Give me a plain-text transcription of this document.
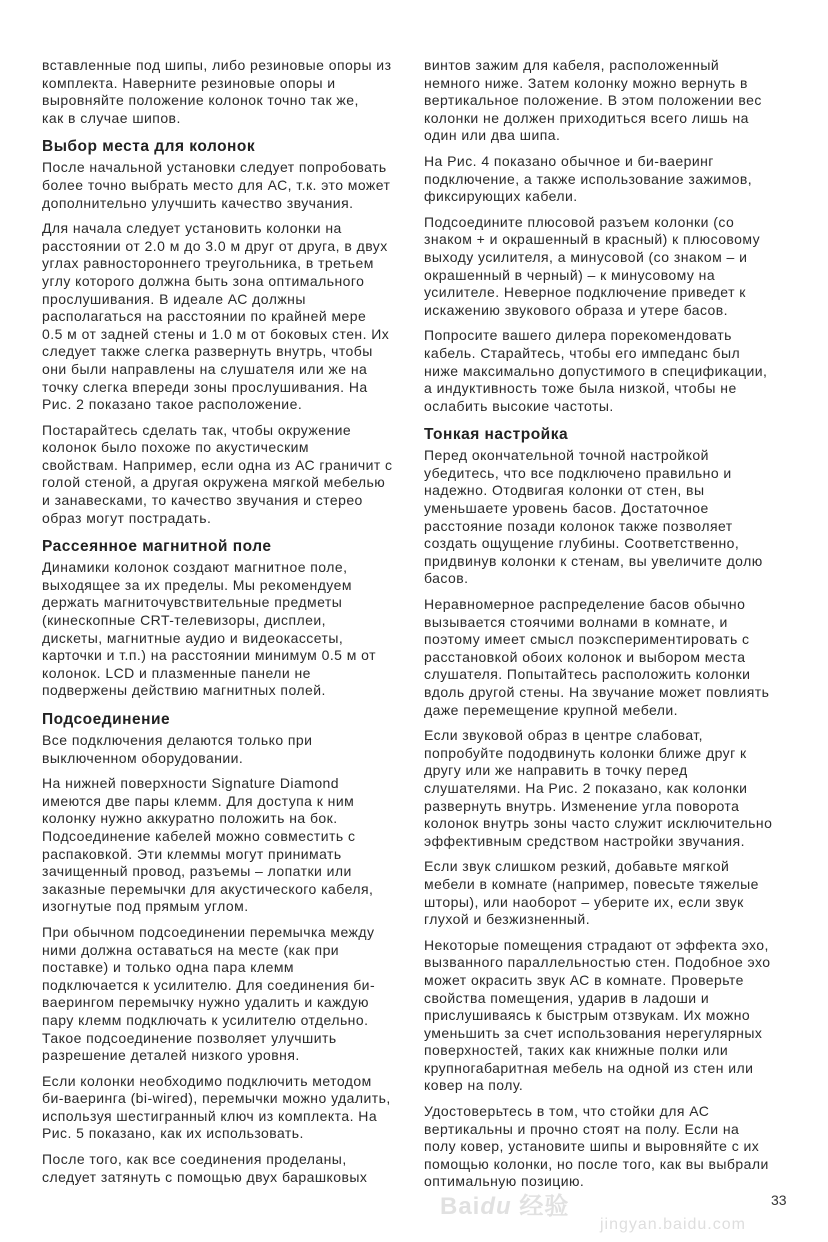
вставленные под шипы, либо резиновые опоры из
комплекта. Наверните резиновые опоры и
выровняйте положение колонок точно так же,
как в случае шипов.
Выбор места для колонок
После начальной установки следует попробовать
более точно выбрать место для АС, т.к. это может
дополнительно улучшить качество звучания.
Для начала следует установить колонки на
расстоянии от 2.0 м до 3.0 м друг от друга, в двух
углах равностороннего треугольника, в третьем
углу которого должна быть зона оптимального
прослушивания. В идеале АС должны
располагаться на расстоянии по крайней мере
0.5 м от задней стены и 1.0 м от боковых стен. Их
следует также слегка развернуть внутрь, чтобы
они были направлены на слушателя или же на
точку слегка впереди зоны прослушивания. На
Рис. 2 показано такое расположение.
Постарайтесь сделать так, чтобы окружение
колонок было похоже по акустическим
свойствам. Например, если одна из АС граничит с
голой стеной, а другая окружена мягкой мебелью
и занавесками, то качество звучания и стерео
образ могут пострадать.
Рассеянное магнитной поле
Динамики колонок создают магнитное поле,
выходящее за их пределы. Мы рекомендуем
держать магниточувствительные предметы
(кинескопные CRT-телевизоры, дисплеи,
дискеты, магнитные аудио и видеокассеты,
карточки и т.п.) на расстоянии минимум 0.5 м от
колонок. LCD и плазменные панели не
подвержены действию магнитных полей.
Подсоединение
Все подключения делаются только при
выключенном оборудовании.
На нижней поверхности Signature Diamond
имеются две пары клемм. Для доступа к ним
колонку нужно аккуратно положить на бок.
Подсоединение кабелей можно совместить с
распаковкой. Эти клеммы могут принимать
зачищенный провод, разъемы – лопатки или
заказные перемычки для акустического кабеля,
изогнутые под прямым углом.
При обычном подсоединении перемычка между
ними должна оставаться на месте (как при
поставке) и только одна пара клемм
подключается к усилителю. Для соединения би-
ваерингом перемычку нужно удалить и каждую
пару клемм подключать к усилителю отдельно.
Такое подсоединение позволяет улучшить
разрешение деталей низкого уровня.
Если колонки необходимо подключить методом
би-ваеринга (bi-wired), перемычки можно удалить,
используя шестигранный ключ из комплекта. На
Рис. 5 показано, как их использовать.
После того, как все соединения проделаны,
следует затянуть с помощью двух барашковых
винтов зажим для кабеля, расположенный
немного ниже. Затем колонку можно вернуть в
вертикальное положение. В этом положении вес
колонки не должен приходиться всего лишь на
один или два шипа.
На Рис. 4 показано обычное и би-ваеринг
подключение, а также использование зажимов,
фиксирующих кабели.
Подсоедините плюсовой разъем колонки (со
знаком + и окрашенный в красный) к плюсовому
выходу усилителя, а минусовой (со знаком – и
окрашенный в черный) – к минусовому на
усилителе. Неверное подключение приведет к
искажению звукового образа и утере басов.
Попросите вашего дилера порекомендовать
кабель. Старайтесь, чтобы его импеданс был
ниже максимально допустимого в спецификации,
а индуктивность тоже была низкой, чтобы не
ослабить высокие частоты.
Тонкая настройка
Перед окончательной точной настройкой
убедитесь, что все подключено правильно и
надежно. Отодвигая колонки от стен, вы
уменьшаете уровень басов. Достаточное
расстояние позади колонок также позволяет
создать ощущение глубины. Соответственно,
придвинув колонки к стенам, вы увеличите долю
басов.
Неравномерное распределение басов обычно
вызывается стоячими волнами в комнате, и
поэтому имеет смысл поэкспериментировать с
расстановкой обоих колонок и выбором места
слушателя. Попытайтесь расположить колонки
вдоль другой стены. На звучание может повлиять
даже перемещение крупной мебели.
Если звуковой образ в центре слабоват,
попробуйте пододвинуть колонки ближе друг к
другу или же направить в точку перед
слушателями. На Рис. 2 показано, как колонки
развернуть внутрь. Изменение угла поворота
колонок внутрь зоны часто служит исключительно
эффективным средством настройки звучания.
Если звук слишком резкий, добавьте мягкой
мебели в комнате (например, повесьте тяжелые
шторы), или наоборот – уберите их, если звук
глухой и безжизненный.
Некоторые помещения страдают от эффекта эхо,
вызванного параллельностью стен. Подобное эхо
может окрасить звук АС в комнате. Проверьте
свойства помещения, ударив в ладоши и
прислушиваясь к быстрым отзвукам. Их можно
уменьшить за счет использования нерегулярных
поверхностей, таких как книжные полки или
крупногабаритная мебель на одной из стен или
ковер на полу.
Удостоверьтесь в том, что стойки для АС
вертикальны и прочно стоят на полу. Если на
полу ковер, установите шипы и выровняйте с их
помощью колонки, но после того, как вы выбрали
оптимальную позицию.
Baidu 经验
jingyan.baidu.com
33
